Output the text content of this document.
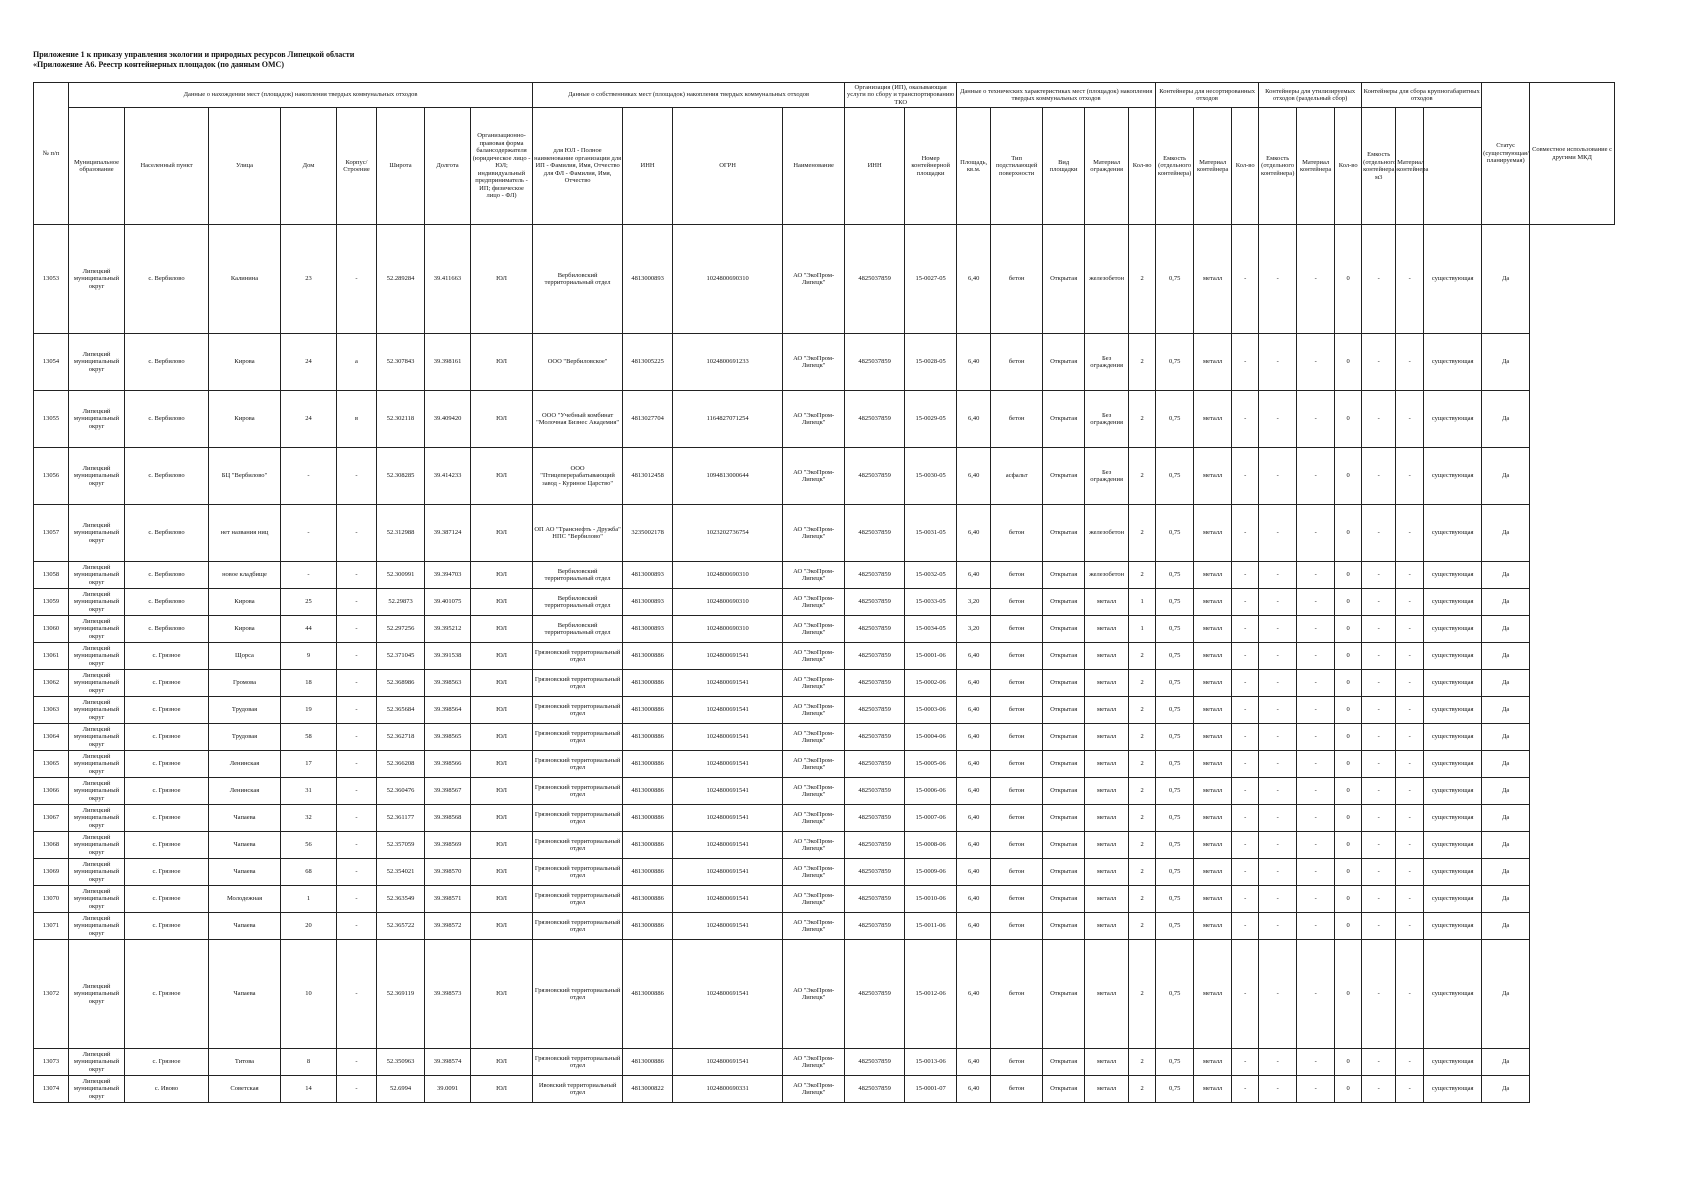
Приложение 1 к приказу управления экологии и природных ресурсов Липецкой области
«Приложение А6. Реестр контейнерных площадок (по данным ОМС)
№ п/п	Данные о нахождении мест (площадок) накопления твердых коммунальных отходов								Данные о собственниках мест (площадок) накопления твердых коммунальных отходов				Организация (ИП), оказывающая услуги по сбору и транспортированию ТКО		Данные о технических характеристиках мест (площадок) накопления твердых коммунальных отходов					Контейнеры для несортированных отходов			Контейнеры для утилизируемых отходов (раздельный сбор)			Контейнеры для сбора крупногабаритных отходов			Статус (существующая/планируемая)	Совместное использование с другими МКД
	Муниципальное образование	Населенный пункт	Улица	Дом	Корпус/Строение	Широта	Долгота	Организационно-правовая форма балансодержателя (юридическое лицо - ЮЛ; индивидуальный предприниматель - ИП; физическое лицо - ФЛ)	для ЮЛ - Полное наименование организации для ИП - Фамилия, Имя, Отчество для ФЛ - Фамилия, Имя, Отчество	ИНН	ОГРН	Наименование	ИНН	Номер контейнерной площадки	Площадь, кв.м.	Тип подстилающей поверхности	Вид площадки	Материал ограждения	Кол-во	Емкость (отдельного контейнера)	Материал контейнера	Кол-во	Емкость (отдельного контейнера)	Материал контейнера	Кол-во	Емкость (отдельного контейнера) м3	Материал контейнера			
13053	Липецкий муниципальный округ	с. Вербилово	Калинина	23	-	52.289284	39.411663	ЮЛ	Вербиловский территориальный отдел	4813000893	1024800690310	АО "ЭкоПром-Липецк"	4825037859	15-0027-05	6,40	бетон	Открытая	железобетон	2	0,75	металл	-	-	-	0	-	-	существующая	Да	
13054	Липецкий муниципальный округ	с. Вербилово	Кирова	24	а	52.307843	39.398161	ЮЛ	ООО "Вербиловское"	4813005225	1024800691233	АО "ЭкоПром-Липецк"	4825037859	15-0028-05	6,40	бетон	Открытая	Без ограждения	2	0,75	металл	-	-	-	0	-	-	существующая	Да	
13055	Липецкий муниципальный округ	с. Вербилово	Кирова	24	в	52.302118	39.409420	ЮЛ	ООО "Учебный комбинат "Молочная Бизнес Академия"	4813027704	1164827071254	АО "ЭкоПром-Липецк"	4825037859	15-0029-05	6,40	бетон	Открытая	Без ограждения	2	0,75	металл	-	-	-	0	-	-	существующая	Да	
13056	Липецкий муниципальный округ	с. Вербилово	БЦ "Вербилово"	-	-	52.308285	39.414233	ЮЛ	ООО "Птицеперерабатывающий завод - Куриное Царство"	4813012458	1094813000644	АО "ЭкоПром-Липецк"	4825037859	15-0030-05	6,40	асфальт	Открытая	Без ограждения	2	0,75	металл	-	-	-	0	-	-	существующая	Да	
13057	Липецкий муниципальный округ	с. Вербилово	нет названия ниц	-	-	52.312988	39.387124	ЮЛ	ОП АО "Транснефть - Дружба" НПС "Вербилово"	3235002178	1023202736754	АО "ЭкоПром-Липецк"	4825037859	15-0031-05	6,40	бетон	Открытая	железобетон	2	0,75	металл	-	-	-	0	-	-	существующая	Да	
13058	Липецкий муниципальный округ	с. Вербилово	новое кладбище	-	-	52.300991	39.394703	ЮЛ	Вербиловский территориальный отдел	4813000893	1024800690310	АО "ЭкоПром-Липецк"	4825037859	15-0032-05	6,40	бетон	Открытая	железобетон	2	0,75	металл	-	-	-	0	-	-	существующая	Да	
13059	Липецкий муниципальный округ	с. Вербилово	Кирова	25	-	52.29873	39.401075	ЮЛ	Вербиловский территориальный отдел	4813000893	1024800690310	АО "ЭкоПром-Липецк"	4825037859	15-0033-05	3,20	бетон	Открытая	металл	1	0,75	металл	-	-	-	0	-	-	существующая	Да	
13060	Липецкий муниципальный округ	с. Вербилово	Кирова	44	-	52.297256	39.395212	ЮЛ	Вербиловский территориальный отдел	4813000893	1024800690310	АО "ЭкоПром-Липецк"	4825037859	15-0034-05	3,20	бетон	Открытая	металл	1	0,75	металл	-	-	-	0	-	-	существующая	Да	
13061	Липецкий муниципальный округ	с. Грязное	Щорса	9	-	52.371045	39.391538	ЮЛ	Грязновский территориальный отдел	4813000886	1024800691541	АО "ЭкоПром-Липецк"	4825037859	15-0001-06	6,40	бетон	Открытая	металл	2	0,75	металл	-	-	-	0	-	-	существующая	Да	
13062	Липецкий муниципальный округ	с. Грязное	Громова	18	-	52.368986	39.398563	ЮЛ	Грязновский территориальный отдел	4813000886	1024800691541	АО "ЭкоПром-Липецк"	4825037859	15-0002-06	6,40	бетон	Открытая	металл	2	0,75	металл	-	-	-	0	-	-	существующая	Да	
13063	Липецкий муниципальный округ	с. Грязное	Трудовая	19	-	52.365684	39.398564	ЮЛ	Грязновский территориальный отдел	4813000886	1024800691541	АО "ЭкоПром-Липецк"	4825037859	15-0003-06	6,40	бетон	Открытая	металл	2	0,75	металл	-	-	-	0	-	-	существующая	Да	
13064	Липецкий муниципальный округ	с. Грязное	Трудовая	58	-	52.362718	39.398565	ЮЛ	Грязновский территориальный отдел	4813000886	1024800691541	АО "ЭкоПром-Липецк"	4825037859	15-0004-06	6,40	бетон	Открытая	металл	2	0,75	металл	-	-	-	0	-	-	существующая	Да	
13065	Липецкий муниципальный округ	с. Грязное	Ленинская	17	-	52.366208	39.398566	ЮЛ	Грязновский территориальный отдел	4813000886	1024800691541	АО "ЭкоПром-Липецк"	4825037859	15-0005-06	6,40	бетон	Открытая	металл	2	0,75	металл	-	-	-	0	-	-	существующая	Да	
13066	Липецкий муниципальный округ	с. Грязное	Ленинская	31	-	52.360476	39.398567	ЮЛ	Грязновский территориальный отдел	4813000886	1024800691541	АО "ЭкоПром-Липецк"	4825037859	15-0006-06	6,40	бетон	Открытая	металл	2	0,75	металл	-	-	-	0	-	-	существующая	Да	
13067	Липецкий муниципальный округ	с. Грязное	Чапаева	32	-	52.361177	39.398568	ЮЛ	Грязновский территориальный отдел	4813000886	1024800691541	АО "ЭкоПром-Липецк"	4825037859	15-0007-06	6,40	бетон	Открытая	металл	2	0,75	металл	-	-	-	0	-	-	существующая	Да	
13068	Липецкий муниципальный округ	с. Грязное	Чапаева	56	-	52.357059	39.398569	ЮЛ	Грязновский территориальный отдел	4813000886	1024800691541	АО "ЭкоПром-Липецк"	4825037859	15-0008-06	6,40	бетон	Открытая	металл	2	0,75	металл	-	-	-	0	-	-	существующая	Да	
13069	Липецкий муниципальный округ	с. Грязное	Чапаева	68	-	52.354021	39.398570	ЮЛ	Грязновский территориальный отдел	4813000886	1024800691541	АО "ЭкоПром-Липецк"	4825037859	15-0009-06	6,40	бетон	Открытая	металл	2	0,75	металл	-	-	-	0	-	-	существующая	Да	
13070	Липецкий муниципальный округ	с. Грязное	Молодежная	1	-	52.363549	39.398571	ЮЛ	Грязновский территориальный отдел	4813000886	1024800691541	АО "ЭкоПром-Липецк"	4825037859	15-0010-06	6,40	бетон	Открытая	металл	2	0,75	металл	-	-	-	0	-	-	существующая	Да	
13071	Липецкий муниципальный округ	с. Грязное	Чапаева	20	-	52.365722	39.398572	ЮЛ	Грязновский территориальный отдел	4813000886	1024800691541	АО "ЭкоПром-Липецк"	4825037859	15-0011-06	6,40	бетон	Открытая	металл	2	0,75	металл	-	-	-	0	-	-	существующая	Да	
13072	Липецкий муниципальный округ	с. Грязное	Чапаева	10	-	52.369119	39.398573	ЮЛ	Грязновский территориальный отдел	4813000886	1024800691541	АО "ЭкоПром-Липецк"	4825037859	15-0012-06	6,40	бетон	Открытая	металл	2	0,75	металл	-	-	-	0	-	-	существующая	Да	
13073	Липецкий муниципальный округ	с. Грязное	Титова	8	-	52.350963	39.398574	ЮЛ	Грязновский территориальный отдел	4813000886	1024800691541	АО "ЭкоПром-Липецк"	4825037859	15-0013-06	6,40	бетон	Открытая	металл	2	0,75	металл	-	-	-	0	-	-	существующая	Да	
13074	Липецкий муниципальный округ	с. Ивово	Советская	14	-	52.6994	39.0091	ЮЛ	Ивовский территориальный отдел	4813000822	1024800690331	АО "ЭкоПром-Липецк"	4825037859	15-0001-07	6,40	бетон	Открытая	металл	2	0,75	металл	-	-	-	0	-	-	существующая	Да	
